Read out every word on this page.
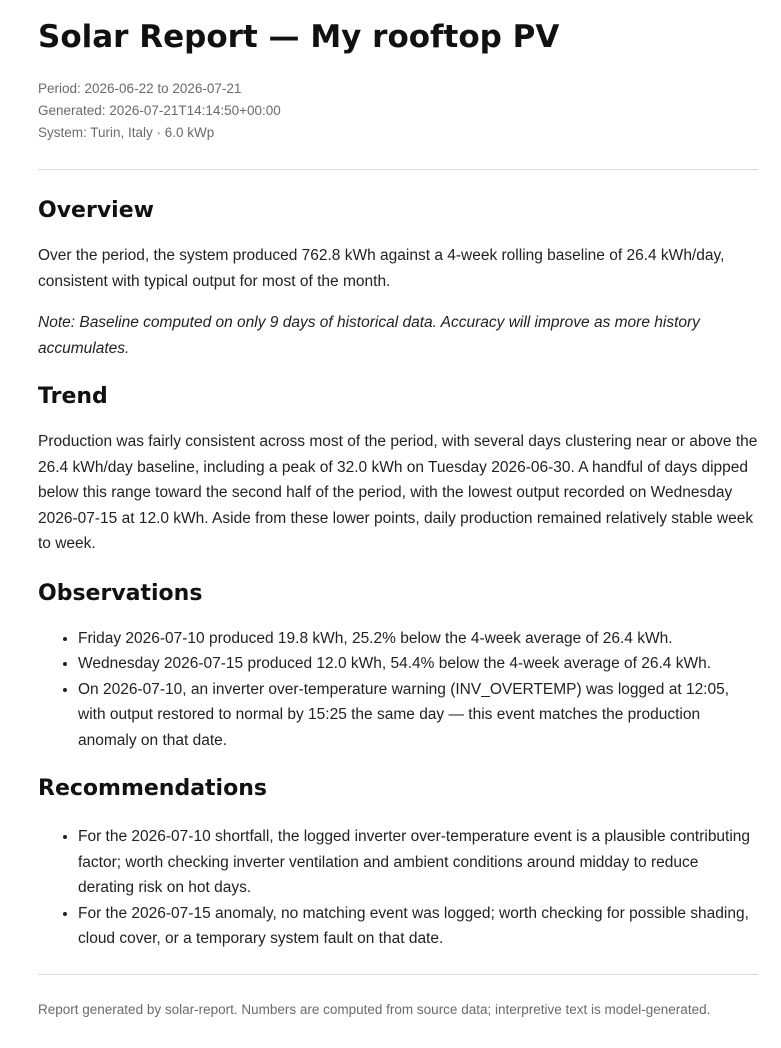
Solar Report — My rooftop PV
Period: 2026-06-22 to 2026-07-21
Generated: 2026-07-21T14:14:50+00:00
System: Turin, Italy · 6.0 kWp
Overview

Over the period, the system produced 762.8 kWh against a 4-week rolling baseline of 26.4 kWh/day, consistent with typical output for most of the month.

Note: Baseline computed on only 9 days of historical data. Accuracy will improve as more history accumulates.

Trend

Production was fairly consistent across most of the period, with several days clustering near or above the 26.4 kWh/day baseline, including a peak of 32.0 kWh on Tuesday 2026-06-30. A handful of days dipped below this range toward the second half of the period, with the lowest output recorded on Wednesday 2026-07-15 at 12.0 kWh. Aside from these lower points, daily production remained relatively stable week to week.

Observations
• Friday 2026-07-10 produced 19.8 kWh, 25.2% below the 4-week average of 26.4 kWh.
• Wednesday 2026-07-15 produced 12.0 kWh, 54.4% below the 4-week average of 26.4 kWh.
• On 2026-07-10, an inverter over-temperature warning (INV_OVERTEMP) was logged at 12:05, with output restored to normal by 15:25 the same day — this event matches the production anomaly on that date.
Recommendations
• For the 2026-07-10 shortfall, the logged inverter over-temperature event is a plausible contributing factor; worth checking inverter ventilation and ambient conditions around midday to reduce derating risk on hot days.
• For the 2026-07-15 anomaly, no matching event was logged; worth checking for possible shading, cloud cover, or a temporary system fault on that date.
Report generated by solar-report. Numbers are computed from source data; interpretive text is model-generated.
